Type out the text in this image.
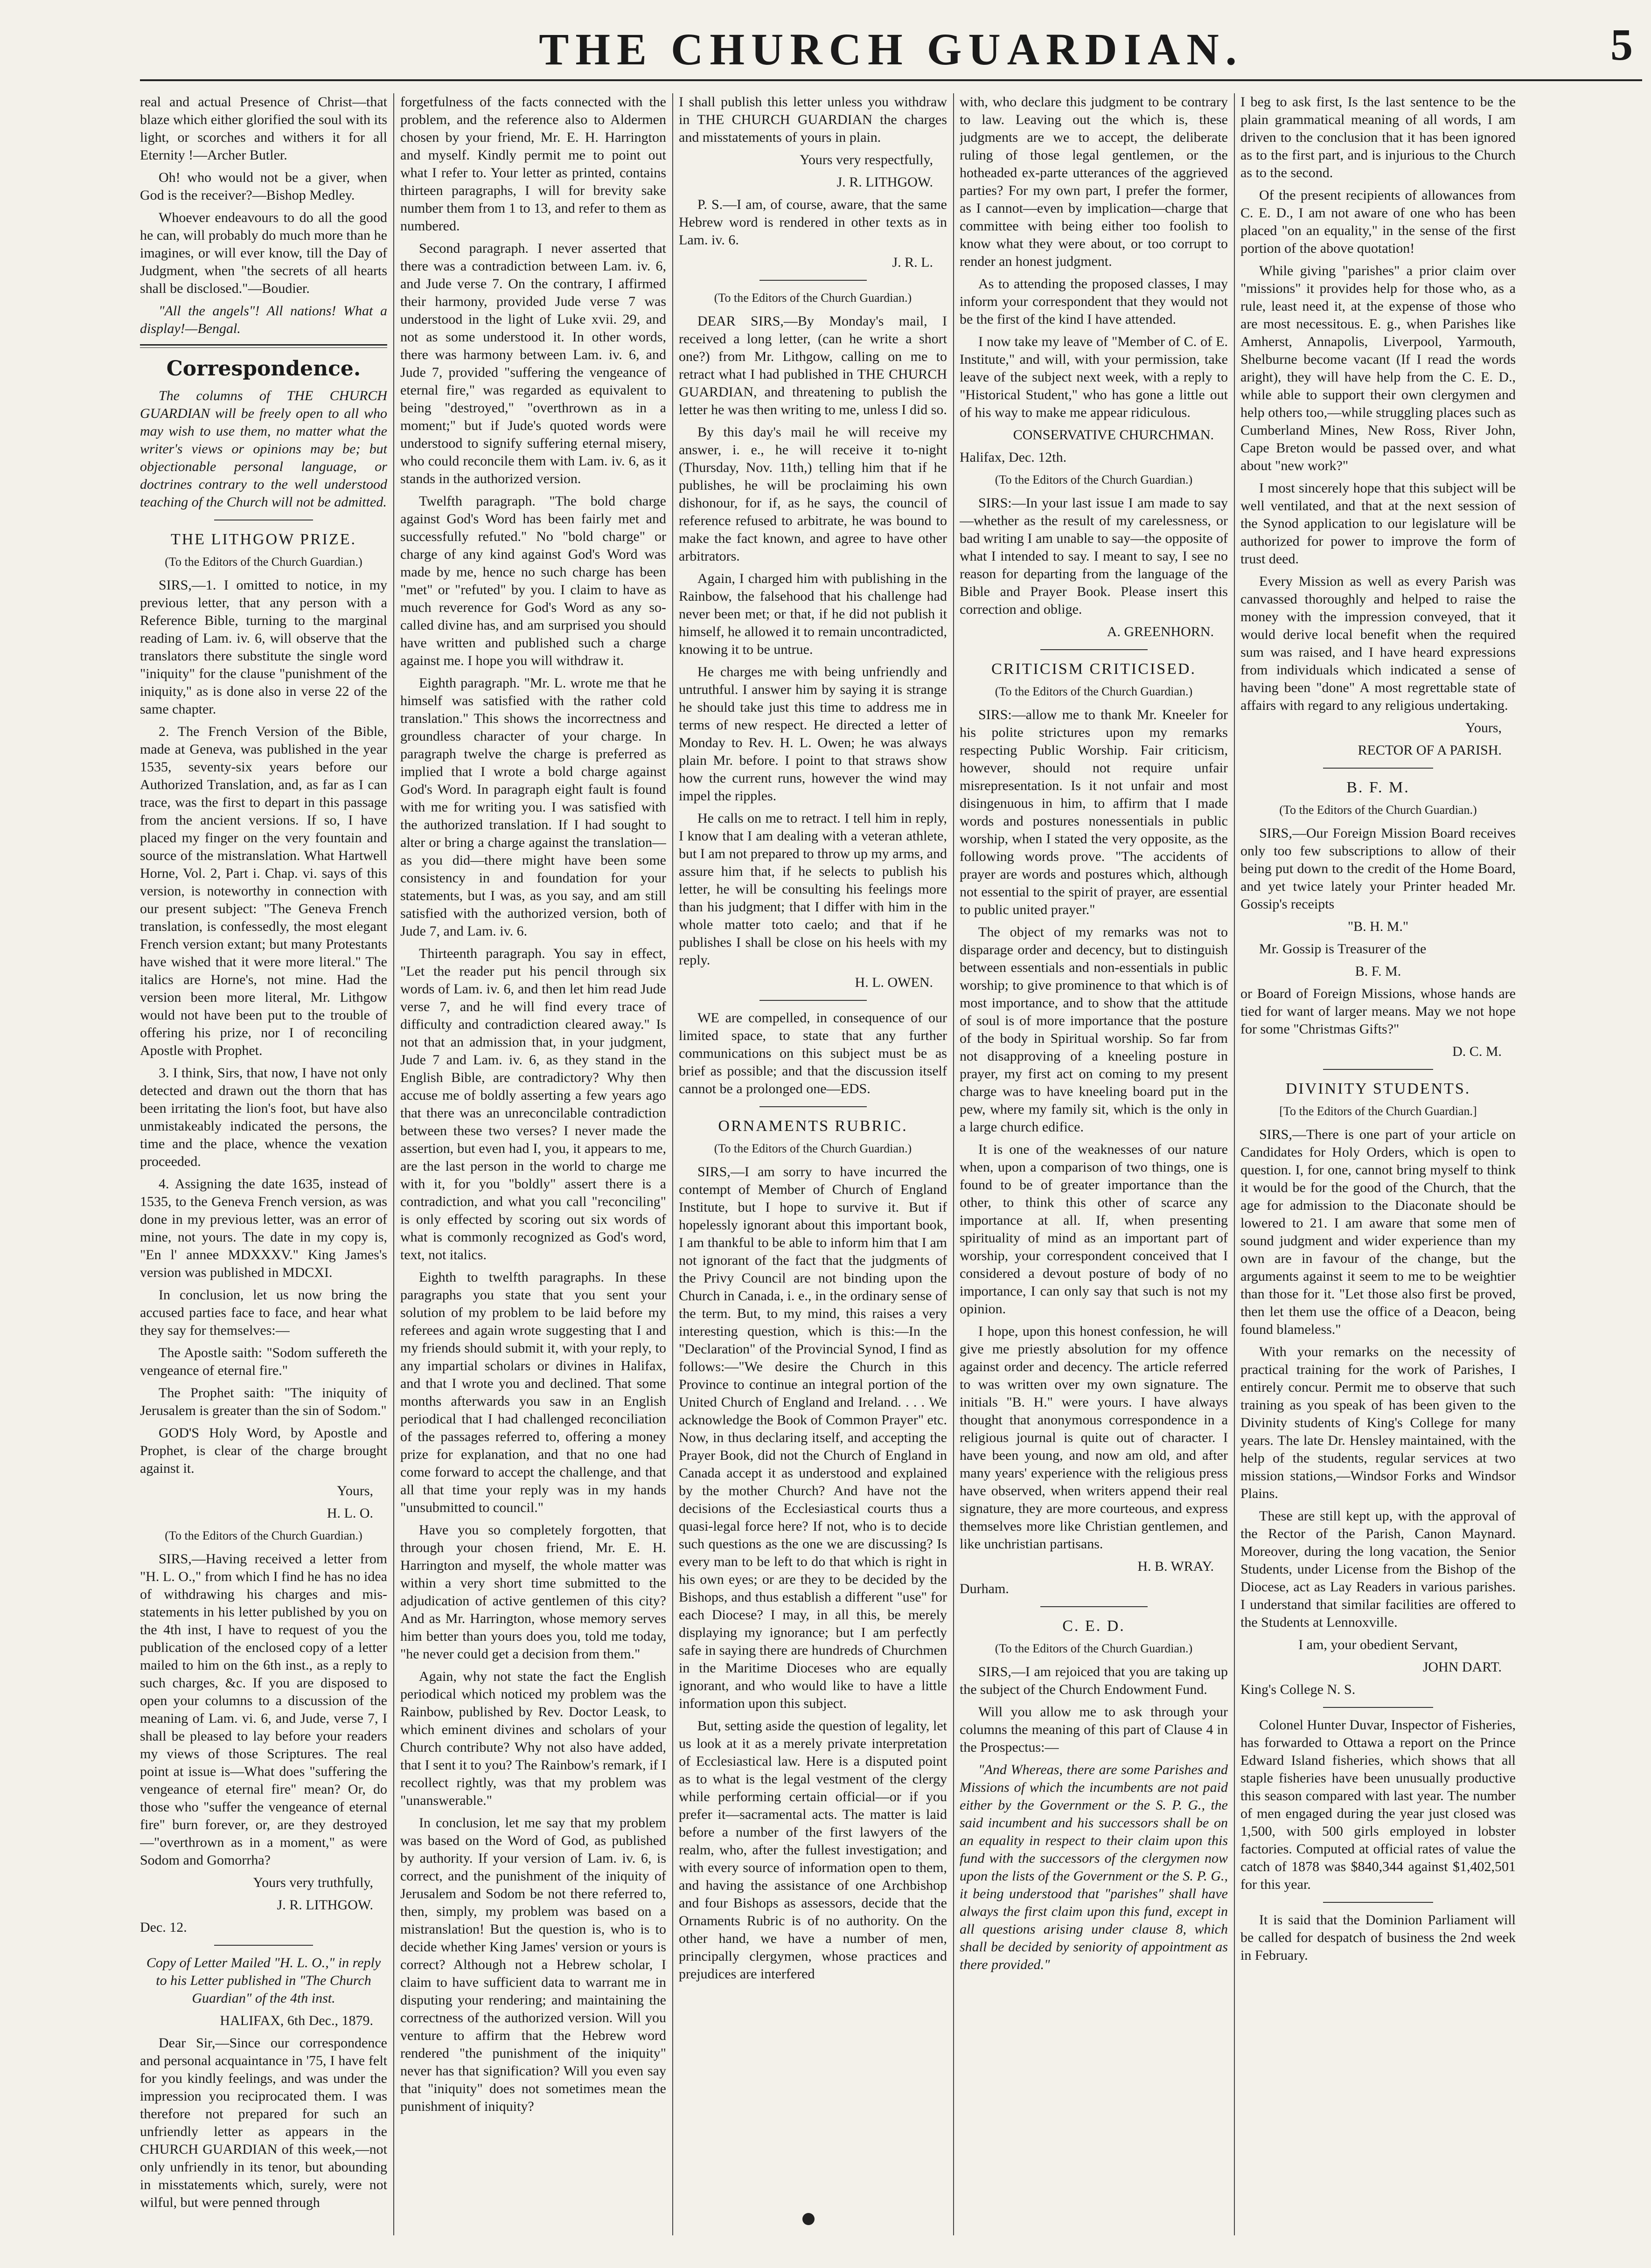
THE CHURCH GUARDIAN.	5

real and actual Presence of Christ—that blaze which either glorified the soul with its light, or scorches and withers it for all Eternity !—Archer Butler.

Oh! who would not be a giver, when God is the receiver?—Bishop Medley.

Whoever endeavours to do all the good he can, will probably do much more than he imagines, or will ever know, till the Day of Judgment, when "the secrets of all hearts shall be disclosed."—Boudier.

"All the angels"! All nations! What a display!—Bengal.

Correspondence.

The columns of THE CHURCH GUARDIAN will be freely open to all who may wish to use them, no matter what the writer's views or opinions may be; but objectionable personal language, or doctrines contrary to the well understood teaching of the Church will not be admitted.

THE LITHGOW PRIZE.

(To the Editors of the Church Guardian.)

SIRS,—1. I omitted to notice, in my previous letter, that any person with a Reference Bible, turning to the marginal reading of Lam. iv. 6, will observe that the translators there substitute the single word "iniquity" for the clause "punishment of the iniquity," as is done also in verse 22 of the same chapter.

2. The French Version of the Bible, made at Geneva, was published in the year 1535, seventy-six years before our Authorized Translation, and, as far as I can trace, was the first to depart in this passage from the ancient versions. If so, I have placed my finger on the very fountain and source of the mistranslation. What Hartwell Horne, Vol. 2, Part i. Chap. vi. says of this version, is noteworthy in connection with our present subject: "The Geneva French translation, is confessedly, the most elegant French version extant; but many Protestants have wished that it were more literal." The italics are Horne's, not mine. Had the version been more literal, Mr. Lithgow would not have been put to the trouble of offering his prize, nor I of reconciling Apostle with Prophet.

3. I think, Sirs, that now, I have not only detected and drawn out the thorn that has been irritating the lion's foot, but have also unmistakeably indicated the persons, the time and the place, whence the vexation proceeded.

4. Assigning the date 1635, instead of 1535, to the Geneva French version, as was done in my previous letter, was an error of mine, not yours. The date in my copy is, "En l' annee MDXXXV." King James's version was published in MDCXI.

In conclusion, let us now bring the accused parties face to face, and hear what they say for themselves:—

The Apostle saith: "Sodom suffereth the vengeance of eternal fire."

The Prophet saith: "The iniquity of Jerusalem is greater than the sin of Sodom."

GOD'S Holy Word, by Apostle and Prophet, is clear of the charge brought against it.

Yours,

H. L. O.

(To the Editors of the Church Guardian.)

SIRS,—Having received a letter from "H. L. O.," from which I find he has no idea of withdrawing his charges and mis-statements in his letter published by you on the 4th inst, I have to request of you the publication of the enclosed copy of a letter mailed to him on the 6th inst., as a reply to such charges, &c. If you are disposed to open your columns to a discussion of the meaning of Lam. vi. 6, and Jude, verse 7, I shall be pleased to lay before your readers my views of those Scriptures. The real point at issue is—What does "suffering the vengeance of eternal fire" mean? Or, do those who "suffer the vengeance of eternal fire" burn forever, or, are they destroyed—"overthrown as in a moment," as were Sodom and Gomorrha?

Yours very truthfully,

J. R. LITHGOW.

Dec. 12.

Copy of Letter Mailed "H. L. O.," in reply to his Letter published in "The Church Guardian" of the 4th inst.

HALIFAX, 6th Dec., 1879.

Dear Sir,—Since our correspondence and personal acquaintance in '75, I have felt for you kindly feelings, and was under the impression you reciprocated them. I was therefore not prepared for such an unfriendly letter as appears in the CHURCH GUARDIAN of this week,—not only unfriendly in its tenor, but abounding in misstatements which, surely, were not wilful, but were penned through

forgetfulness of the facts connected with the problem, and the reference also to Aldermen chosen by your friend, Mr. E. H. Harrington and myself. Kindly permit me to point out what I refer to. Your letter as printed, contains thirteen paragraphs, I will for brevity sake number them from 1 to 13, and refer to them as numbered.

Second paragraph. I never asserted that there was a contradiction between Lam. iv. 6, and Jude verse 7. On the contrary, I affirmed their harmony, provided Jude verse 7 was understood in the light of Luke xvii. 29, and not as some understood it. In other words, there was harmony between Lam. iv. 6, and Jude 7, provided "suffering the vengeance of eternal fire," was regarded as equivalent to being "destroyed," "overthrown as in a moment;" but if Jude's quoted words were understood to signify suffering eternal misery, who could reconcile them with Lam. iv. 6, as it stands in the authorized version.

Twelfth paragraph. "The bold charge against God's Word has been fairly met and successfully refuted." No "bold charge" or charge of any kind against God's Word was made by me, hence no such charge has been "met" or "refuted" by you. I claim to have as much reverence for God's Word as any so-called divine has, and am surprised you should have written and published such a charge against me. I hope you will withdraw it.

Eighth paragraph. "Mr. L. wrote me that he himself was satisfied with the rather cold translation." This shows the incorrectness and groundless character of your charge. In paragraph twelve the charge is preferred as implied that I wrote a bold charge against God's Word. In paragraph eight fault is found with me for writing you. I was satisfied with the authorized translation. If I had sought to alter or bring a charge against the translation—as you did—there might have been some consistency in and foundation for your statements, but I was, as you say, and am still satisfied with the authorized version, both of Jude 7, and Lam. iv. 6.

Thirteenth paragraph. You say in effect, "Let the reader put his pencil through six words of Lam. iv. 6, and then let him read Jude verse 7, and he will find every trace of difficulty and contradiction cleared away." Is not that an admission that, in your judgment, Jude 7 and Lam. iv. 6, as they stand in the English Bible, are contradictory? Why then accuse me of boldly asserting a few years ago that there was an unreconcilable contradiction between these two verses? I never made the assertion, but even had I, you, it appears to me, are the last person in the world to charge me with it, for you "boldly" assert there is a contradiction, and what you call "reconciling" is only effected by scoring out six words of what is commonly recognized as God's word, text, not italics.

Eighth to twelfth paragraphs. In these paragraphs you state that you sent your solution of my problem to be laid before my referees and again wrote suggesting that I and my friends should submit it, with your reply, to any impartial scholars or divines in Halifax, and that I wrote you and declined. That some months afterwards you saw in an English periodical that I had challenged reconciliation of the passages referred to, offering a money prize for explanation, and that no one had come forward to accept the challenge, and that all that time your reply was in my hands "unsubmitted to council."

Have you so completely forgotten, that through your chosen friend, Mr. E. H. Harrington and myself, the whole matter was within a very short time submitted to the adjudication of active gentlemen of this city? And as Mr. Harrington, whose memory serves him better than yours does you, told me today, "he never could get a decision from them."

Again, why not state the fact the English periodical which noticed my problem was the Rainbow, published by Rev. Doctor Leask, to which eminent divines and scholars of your Church contribute? Why not also have added, that I sent it to you? The Rainbow's remark, if I recollect rightly, was that my problem was "unanswerable."

In conclusion, let me say that my problem was based on the Word of God, as published by authority. If your version of Lam. iv. 6, is correct, and the punishment of the iniquity of Jerusalem and Sodom be not there referred to, then, simply, my problem was based on a mistranslation! But the question is, who is to decide whether King James' version or yours is correct? Although not a Hebrew scholar, I claim to have sufficient data to warrant me in disputing your rendering; and maintaining the correctness of the authorized version. Will you venture to affirm that the Hebrew word rendered "the punishment of the iniquity" never has that signification? Will you even say that "iniquity" does not sometimes mean the punishment of iniquity?

I shall publish this letter unless you withdraw in THE CHURCH GUARDIAN the charges and misstatements of yours in plain.

Yours very respectfully,

J. R. LITHGOW.

P. S.—I am, of course, aware, that the same Hebrew word is rendered in other texts as in Lam. iv. 6.

J. R. L.

(To the Editors of the Church Guardian.)

DEAR SIRS,—By Monday's mail, I received a long letter, (can he write a short one?) from Mr. Lithgow, calling on me to retract what I had published in THE CHURCH GUARDIAN, and threatening to publish the letter he was then writing to me, unless I did so.

By this day's mail he will receive my answer, i. e., he will receive it to-night (Thursday, Nov. 11th,) telling him that if he publishes, he will be proclaiming his own dishonour, for if, as he says, the council of reference refused to arbitrate, he was bound to make the fact known, and agree to have other arbitrators.

Again, I charged him with publishing in the Rainbow, the falsehood that his challenge had never been met; or that, if he did not publish it himself, he allowed it to remain uncontradicted, knowing it to be untrue.

He charges me with being unfriendly and untruthful. I answer him by saying it is strange he should take just this time to address me in terms of new respect. He directed a letter of Monday to Rev. H. L. Owen; he was always plain Mr. before. I point to that straws show how the current runs, however the wind may impel the ripples.

He calls on me to retract. I tell him in reply, I know that I am dealing with a veteran athlete, but I am not prepared to throw up my arms, and assure him that, if he selects to publish his letter, he will be consulting his feelings more than his judgment; that I differ with him in the whole matter toto caelo; and that if he publishes I shall be close on his heels with my reply.

H. L. OWEN.

WE are compelled, in consequence of our limited space, to state that any further communications on this subject must be as brief as possible; and that the discussion itself cannot be a prolonged one—EDS.

ORNAMENTS RUBRIC.

(To the Editors of the Church Guardian.)

SIRS,—I am sorry to have incurred the contempt of Member of Church of England Institute, but I hope to survive it. But if hopelessly ignorant about this important book, I am thankful to be able to inform him that I am not ignorant of the fact that the judgments of the Privy Council are not binding upon the Church in Canada, i. e., in the ordinary sense of the term. But, to my mind, this raises a very interesting question, which is this:—In the "Declaration" of the Provincial Synod, I find as follows:—"We desire the Church in this Province to continue an integral portion of the United Church of England and Ireland. . . . We acknowledge the Book of Common Prayer" etc. Now, in thus declaring itself, and accepting the Prayer Book, did not the Church of England in Canada accept it as understood and explained by the mother Church? And have not the decisions of the Ecclesiastical courts thus a quasi-legal force here? If not, who is to decide such questions as the one we are discussing? Is every man to be left to do that which is right in his own eyes; or are they to be decided by the Bishops, and thus establish a different "use" for each Diocese? I may, in all this, be merely displaying my ignorance; but I am perfectly safe in saying there are hundreds of Churchmen in the Maritime Dioceses who are equally ignorant, and who would like to have a little information upon this subject.

But, setting aside the question of legality, let us look at it as a merely private interpretation of Ecclesiastical law. Here is a disputed point as to what is the legal vestment of the clergy while performing certain official—or if you prefer it—sacramental acts. The matter is laid before a number of the first lawyers of the realm, who, after the fullest investigation; and with every source of information open to them, and having the assistance of one Archbishop and four Bishops as assessors, decide that the Ornaments Rubric is of no authority. On the other hand, we have a number of men, principally clergymen, whose practices and prejudices are interfered

with, who declare this judgment to be contrary to law. Leaving out the which is, these judgments are we to accept, the deliberate ruling of those legal gentlemen, or the hotheaded ex-parte utterances of the aggrieved parties? For my own part, I prefer the former, as I cannot—even by implication—charge that committee with being either too foolish to know what they were about, or too corrupt to render an honest judgment.

As to attending the proposed classes, I may inform your correspondent that they would not be the first of the kind I have attended.

I now take my leave of "Member of C. of E. Institute," and will, with your permission, take leave of the subject next week, with a reply to "Historical Student," who has gone a little out of his way to make me appear ridiculous.

CONSERVATIVE CHURCHMAN.

Halifax, Dec. 12th.

(To the Editors of the Church Guardian.)

SIRS:—In your last issue I am made to say—whether as the result of my carelessness, or bad writing I am unable to say—the opposite of what I intended to say. I meant to say, I see no reason for departing from the language of the Bible and Prayer Book. Please insert this correction and oblige.

A. GREENHORN.

CRITICISM CRITICISED.

(To the Editors of the Church Guardian.)

SIRS:—allow me to thank Mr. Kneeler for his polite strictures upon my remarks respecting Public Worship. Fair criticism, however, should not require unfair misrepresentation. Is it not unfair and most disingenuous in him, to affirm that I made words and postures nonessentials in public worship, when I stated the very opposite, as the following words prove. "The accidents of prayer are words and postures which, although not essential to the spirit of prayer, are essential to public united prayer."

The object of my remarks was not to disparage order and decency, but to distinguish between essentials and non-essentials in public worship; to give prominence to that which is of most importance, and to show that the attitude of soul is of more importance that the posture of the body in Spiritual worship. So far from not disapproving of a kneeling posture in prayer, my first act on coming to my present charge was to have kneeling board put in the pew, where my family sit, which is the only in a large church edifice.

It is one of the weaknesses of our nature when, upon a comparison of two things, one is found to be of greater importance than the other, to think this other of scarce any importance at all. If, when presenting spirituality of mind as an important part of worship, your correspondent conceived that I considered a devout posture of body of no importance, I can only say that such is not my opinion.

I hope, upon this honest confession, he will give me priestly absolution for my offence against order and decency. The article referred to was written over my own signature. The initials "B. H." were yours. I have always thought that anonymous correspondence in a religious journal is quite out of character. I have been young, and now am old, and after many years' experience with the religious press have observed, when writers append their real signature, they are more courteous, and express themselves more like Christian gentlemen, and like unchristian partisans.

H. B. WRAY.

Durham.

C. E. D.

(To the Editors of the Church Guardian.)

SIRS,—I am rejoiced that you are taking up the subject of the Church Endowment Fund.

Will you allow me to ask through your columns the meaning of this part of Clause 4 in the Prospectus:—

"And Whereas, there are some Parishes and Missions of which the incumbents are not paid either by the Government or the S. P. G., the said incumbent and his successors shall be on an equality in respect to their claim upon this fund with the successors of the clergymen now upon the lists of the Government or the S. P. G., it being understood that "parishes" shall have always the first claim upon this fund, except in all questions arising under clause 8, which shall be decided by seniority of appointment as there provided."

I beg to ask first, Is the last sentence to be the plain grammatical meaning of all words, I am driven to the conclusion that it has been ignored as to the first part, and is injurious to the Church as to the second.

Of the present recipients of allowances from C. E. D., I am not aware of one who has been placed "on an equality," in the sense of the first portion of the above quotation!

While giving "parishes" a prior claim over "missions" it provides help for those who, as a rule, least need it, at the expense of those who are most necessitous. E. g., when Parishes like Amherst, Annapolis, Liverpool, Yarmouth, Shelburne become vacant (If I read the words aright), they will have help from the C. E. D., while able to support their own clergymen and help others too,—while struggling places such as Cumberland Mines, New Ross, River John, Cape Breton would be passed over, and what about "new work?"

I most sincerely hope that this subject will be well ventilated, and that at the next session of the Synod application to our legislature will be authorized for power to improve the form of trust deed.

Every Mission as well as every Parish was canvassed thoroughly and helped to raise the money with the impression conveyed, that it would derive local benefit when the required sum was raised, and I have heard expressions from individuals which indicated a sense of having been "done" A most regrettable state of affairs with regard to any religious undertaking.

Yours,

RECTOR OF A PARISH.

B. F. M.

(To the Editors of the Church Guardian.)

SIRS,—Our Foreign Mission Board receives only too few subscriptions to allow of their being put down to the credit of the Home Board, and yet twice lately your Printer headed Mr. Gossip's receipts

"B. H. M."

Mr. Gossip is Treasurer of the

B. F. M.

or Board of Foreign Missions, whose hands are tied for want of larger means. May we not hope for some "Christmas Gifts?"

D. C. M.

DIVINITY STUDENTS.

[To the Editors of the Church Guardian.]

SIRS,—There is one part of your article on Candidates for Holy Orders, which is open to question. I, for one, cannot bring myself to think it would be for the good of the Church, that the age for admission to the Diaconate should be lowered to 21. I am aware that some men of sound judgment and wider experience than my own are in favour of the change, but the arguments against it seem to me to be weightier than those for it. "Let those also first be proved, then let them use the office of a Deacon, being found blameless."

With your remarks on the necessity of practical training for the work of Parishes, I entirely concur. Permit me to observe that such training as you speak of has been given to the Divinity students of King's College for many years. The late Dr. Hensley maintained, with the help of the students, regular services at two mission stations,—Windsor Forks and Windsor Plains.

These are still kept up, with the approval of the Rector of the Parish, Canon Maynard. Moreover, during the long vacation, the Senior Students, under License from the Bishop of the Diocese, act as Lay Readers in various parishes. I understand that similar facilities are offered to the Students at Lennoxville.

I am, your obedient Servant,

JOHN DART.

King's College N. S.

Colonel Hunter Duvar, Inspector of Fisheries, has forwarded to Ottawa a report on the Prince Edward Island fisheries, which shows that all staple fisheries have been unusually productive this season compared with last year. The number of men engaged during the year just closed was 1,500, with 500 girls employed in lobster factories. Computed at official rates of value the catch of 1878 was $840,344 against $1,402,501 for this year.

It is said that the Dominion Parliament will be called for despatch of business the 2nd week in February.
